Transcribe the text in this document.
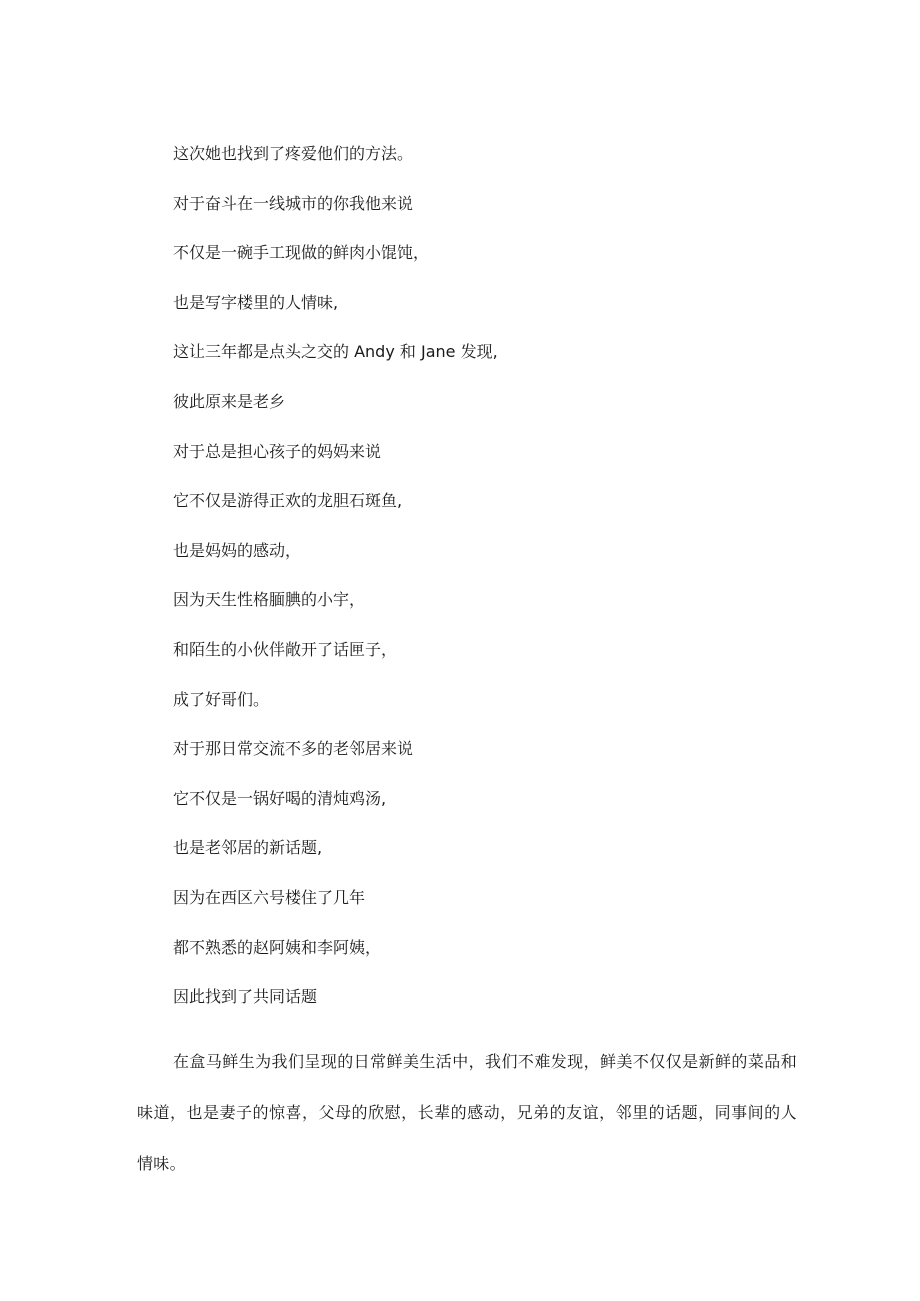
这次她也找到了疼爱他们的方法。
对于奋斗在一线城市的你我他来说
不仅是一碗手工现做的鲜肉小馄饨，
也是写字楼里的人情味,
这让三年都是点头之交的 Andy 和 Jane 发现,
彼此原来是老乡
对于总是担心孩子的妈妈来说
它不仅是游得正欢的龙胆石斑鱼,
也是妈妈的感动，
因为天生性格腼腆的小宇，
和陌生的小伙伴敞开了话匣子，
成了好哥们。
对于那日常交流不多的老邻居来说
它不仅是一锅好喝的清炖鸡汤,
也是老邻居的新话题,
因为在西区六号楼住了几年
都不熟悉的赵阿姨和李阿姨，
因此找到了共同话题

在盒马鲜生为我们呈现的日常鲜美生活中，我们不难发现，鲜美不仅仅是新鲜的菜品和味道，也是妻子的惊喜，父母的欣慰，长辈的感动，兄弟的友谊，邻里的话题，同事间的人情味。
